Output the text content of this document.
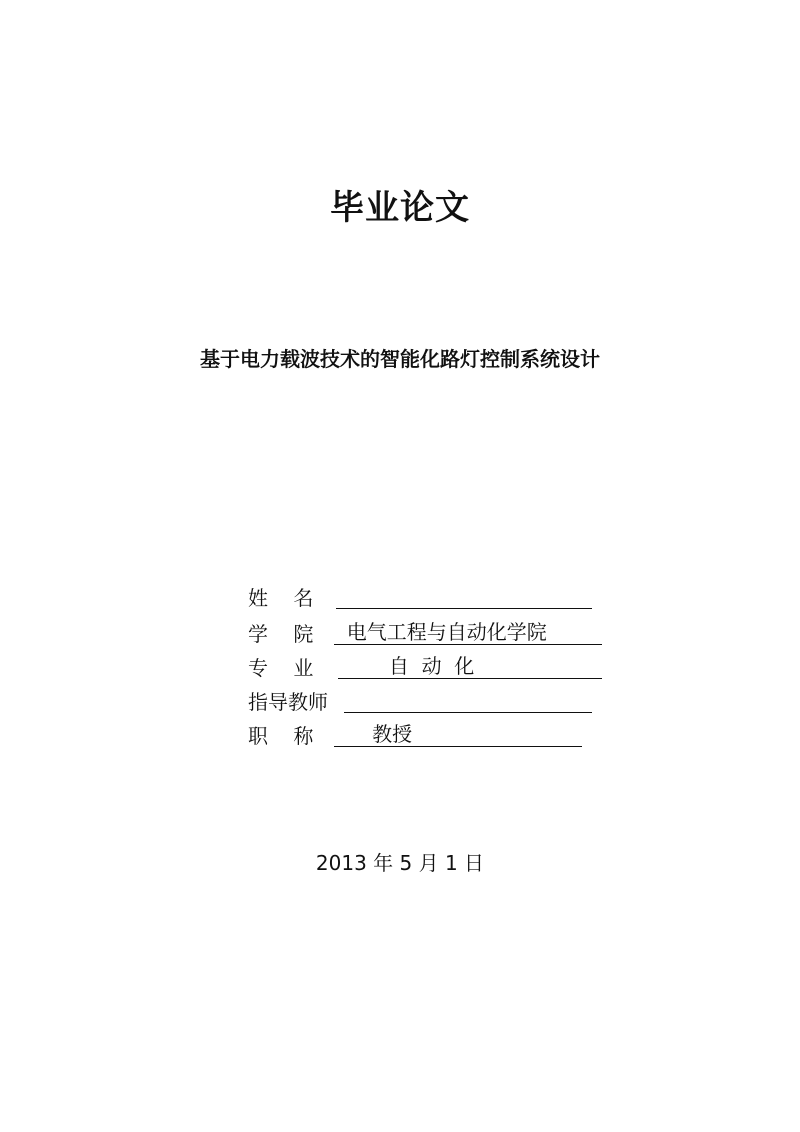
毕业论文
基于电力载波技术的智能化路灯控制系统设计
姓    名
学    院 电气工程与自动化学院
专    业 自  动  化
指导教师
职    称 教授
2013 年 5 月 1 日
